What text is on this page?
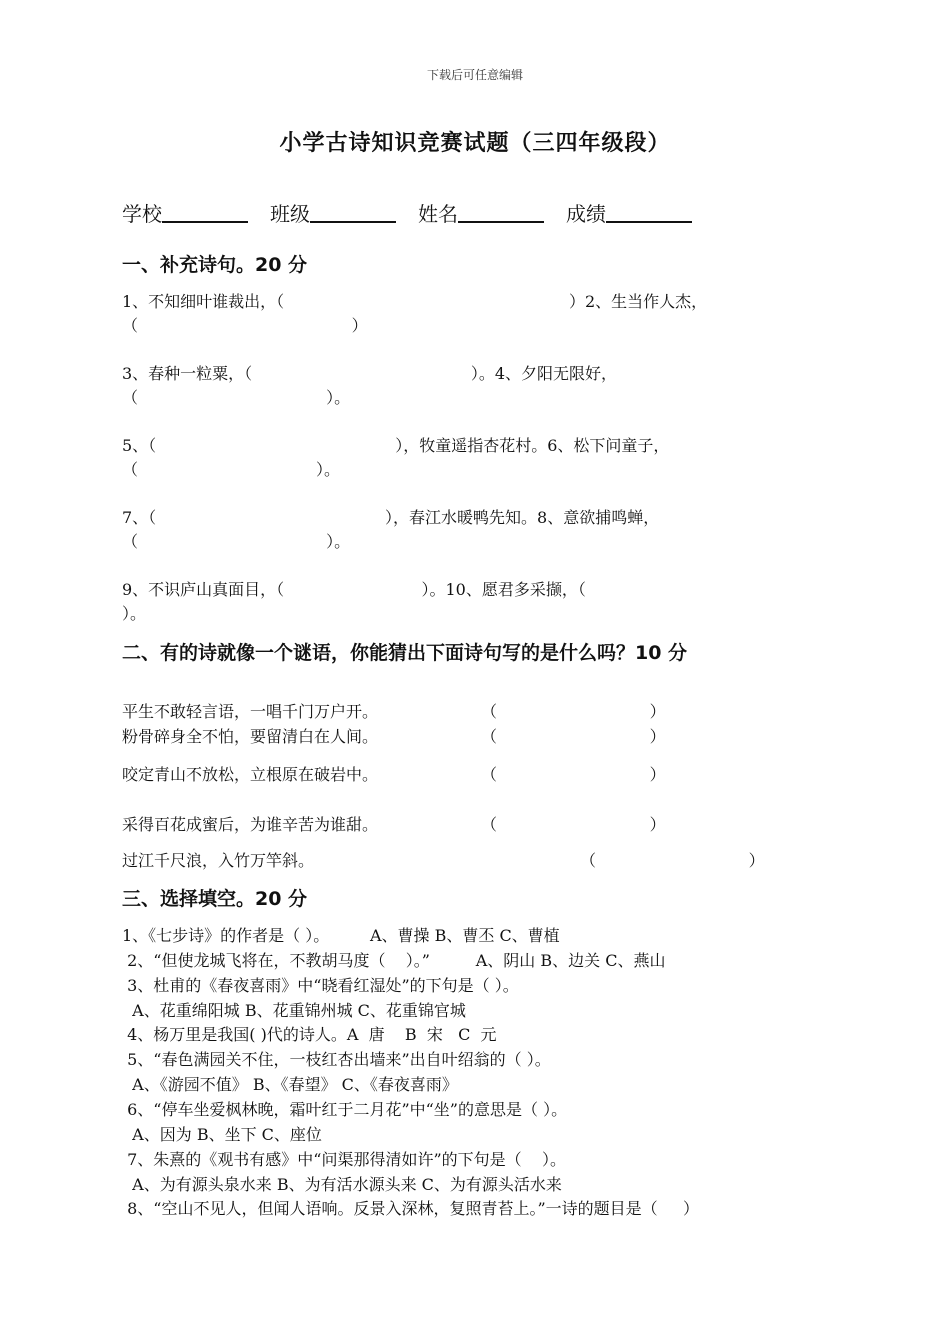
下载后可任意编辑
小学古诗知识竞赛试题（三四年级段）
学校	班级	姓名	成绩
一、补充诗句。20 分
1、不知细叶谁裁出，（                                                        ）2、生当作人杰，
（                                          ）
3、春种一粒粟，（                                           ）。4、夕阳无限好，
（                                     ）。
5、（                                               ），牧童遥指杏花村。6、松下问童子，
（                                   ）。
7、（                                             ），春江水暖鸭先知。8、意欲捕鸣蝉，
（                                     ）。
9、不识庐山真面目，（                           ）。10、愿君多采撷，（
）。
二、有的诗就像一个谜语，你能猜出下面诗句写的是什么吗？10 分
平生不敢轻言语，一唱千门万户开。	（                              ）
粉骨碎身全不怕，要留清白在人间。	（                              ）
咬定青山不放松，立根原在破岩中。	（                              ）
采得百花成蜜后，为谁辛苦为谁甜。	（                              ）
过江千尺浪，入竹万竿斜。	（                              ）
三、选择填空。20 分
1、《七步诗》的作者是（ ）。        A、曹操 B、曹丕 C、曹植
2、“但使龙城飞将在，不教胡马度（    ）。”         A、阴山 B、边关 C、燕山
3、杜甫的《春夜喜雨》中“晓看红湿处”的下句是（ ）。
A、花重绵阳城 B、花重锦州城 C、花重锦官城
4、杨万里是我国( )代的诗人。A  唐    B  宋   C  元
5、“春色满园关不住，一枝红杏出墙来”出自叶绍翁的（ ）。
A、《游园不值》 B、《春望》 C、《春夜喜雨》
6、“停车坐爱枫林晚，霜叶红于二月花”中“坐”的意思是（ ）。
A、因为 B、坐下 C、座位
7、朱熹的《观书有感》中“问渠那得清如许”的下句是（    ）。
A、为有源头泉水来 B、为有活水源头来 C、为有源头活水来
8、“空山不见人，但闻人语响。反景入深林，复照青苔上。”一诗的题目是（     ）
